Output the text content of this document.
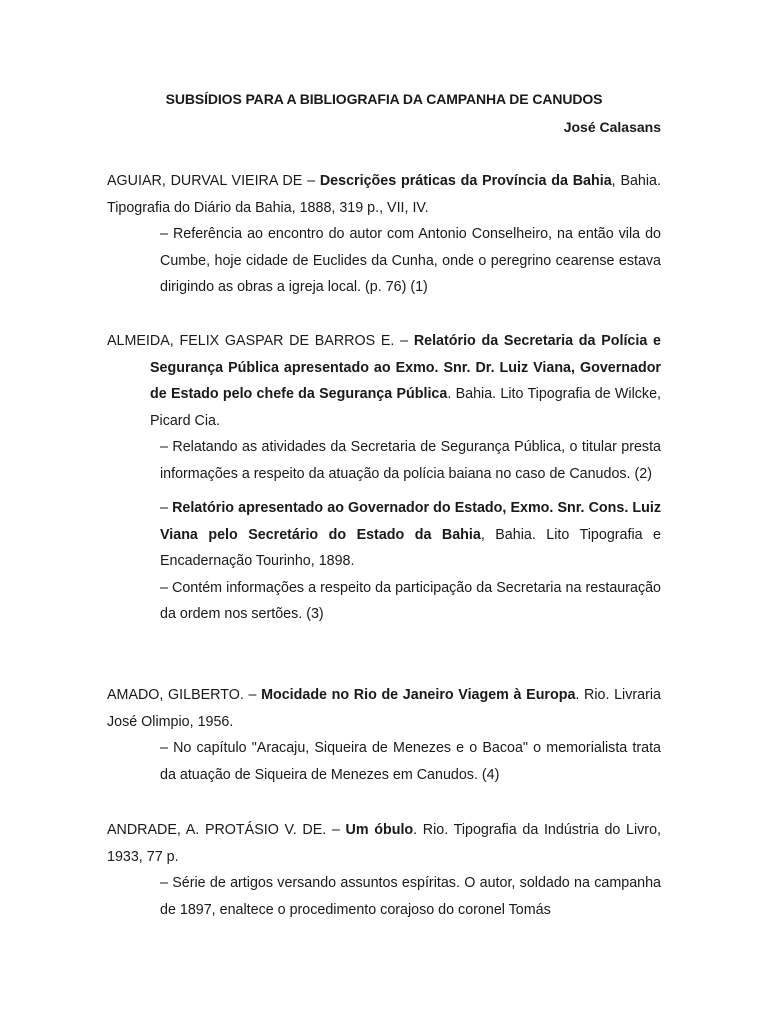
SUBSÍDIOS PARA A BIBLIOGRAFIA DA CAMPANHA DE CANUDOS
José Calasans

AGUIAR, DURVAL VIEIRA DE – Descrições práticas da Província da Bahia, Bahia. Tipografia do Diário da Bahia, 1888, 319 p., VII, IV.

– Referência ao encontro do autor com Antonio Conselheiro, na então vila do Cumbe, hoje cidade de Euclides da Cunha, onde o peregrino cearense estava dirigindo as obras a igreja local. (p. 76) (1)

ALMEIDA, FELIX GASPAR DE BARROS E. – Relatório da Secretaria da Polícia e Segurança Pública apresentado ao Exmo. Snr. Dr. Luiz Viana, Governador de Estado pelo chefe da Segurança Pública. Bahia. Lito Tipografia de Wilcke, Picard Cia.

– Relatando as atividades da Secretaria de Segurança Pública, o titular presta informações a respeito da atuação da polícia baiana no caso de Canudos. (2)

– Relatório apresentado ao Governador do Estado, Exmo. Snr. Cons. Luiz Viana pelo Secretário do Estado da Bahia, Bahia. Lito Tipografia e Encadernação Tourinho, 1898.

– Contém informações a respeito da participação da Secretaria na restauração da ordem nos sertões. (3)

AMADO, GILBERTO. – Mocidade no Rio de Janeiro Viagem à Europa. Rio. Livraria José Olimpio, 1956.

– No capítulo "Aracaju, Siqueira de Menezes e o Bacoa" o memorialista trata da atuação de Siqueira de Menezes em Canudos. (4)

ANDRADE, A. PROTÁSIO V. DE. – Um óbulo. Rio. Tipografia da Indústria do Livro, 1933, 77 p.

– Série de artigos versando assuntos espíritas. O autor, soldado na campanha de 1897, enaltece o procedimento corajoso do coronel Tomás
